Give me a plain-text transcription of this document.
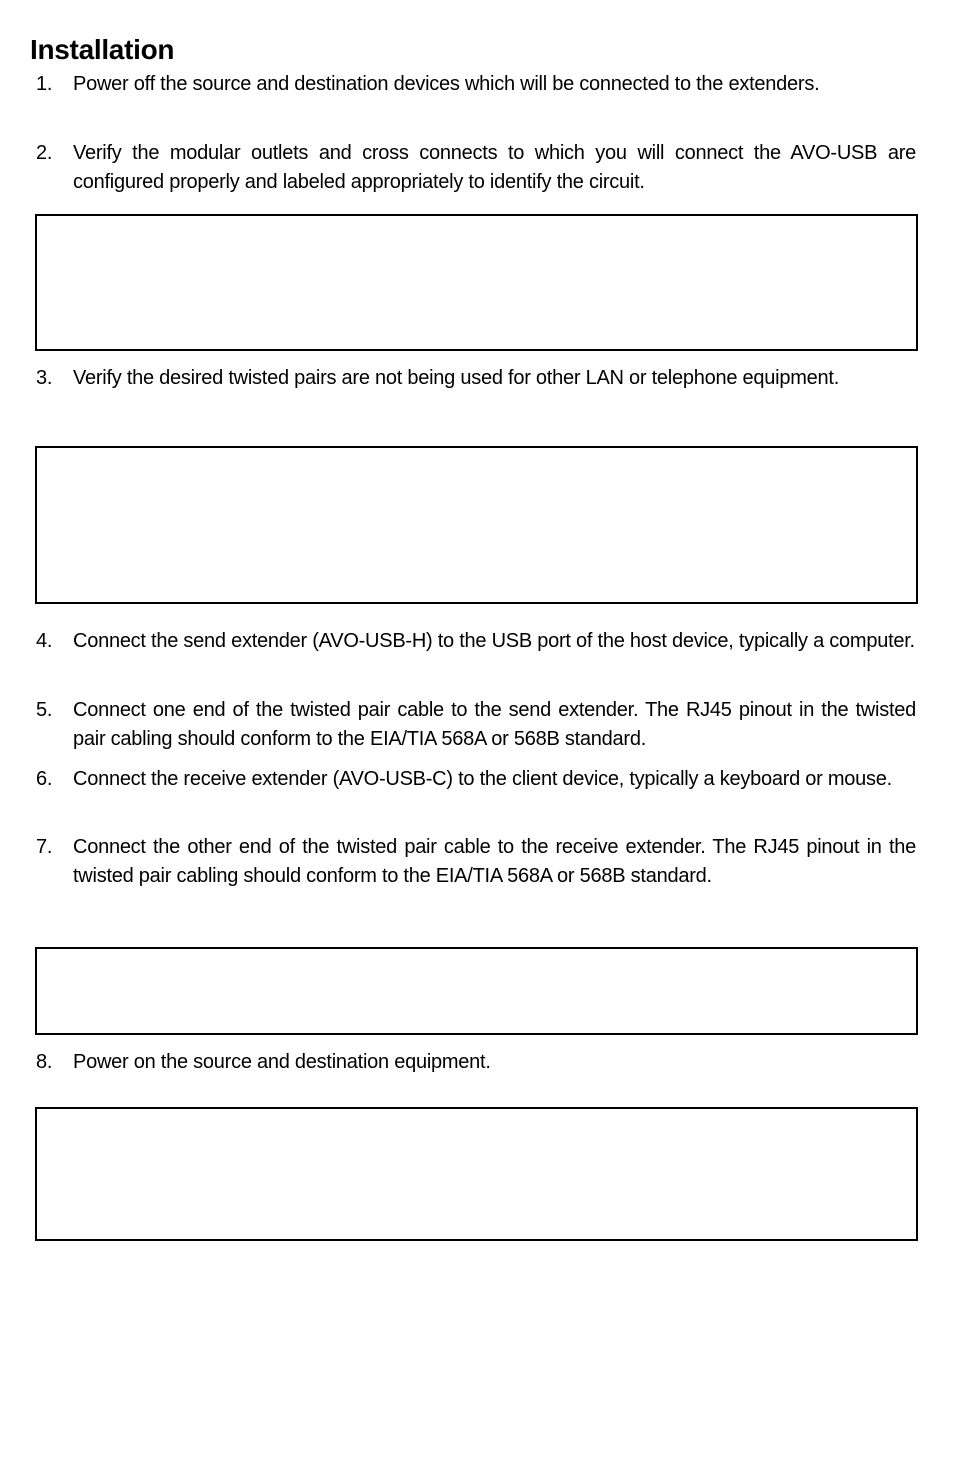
Installation
1.	Power off the source and destination devices which will be connected to the extenders.
2.	Verify the modular outlets and cross connects to which you will connect the AVO-USB are configured properly and labeled appropriately to identify the circuit.
3.	Verify the desired twisted pairs are not being used for other LAN or telephone equipment.
4.	Connect the send extender (AVO-USB-H) to the USB port of the host device, typically a computer.
5.	Connect one end of the twisted pair cable to the send extender. The RJ45 pinout in the twisted pair cabling should conform to the EIA/TIA 568A or 568B standard.
6.	Connect the receive extender (AVO-USB-C) to the client device, typically a keyboard or mouse.
7.	Connect the other end of the twisted pair cable to the receive extender. The RJ45 pinout in the twisted pair cabling should conform to the EIA/TIA 568A or 568B standard.
8.	Power on the source and destination equipment.
